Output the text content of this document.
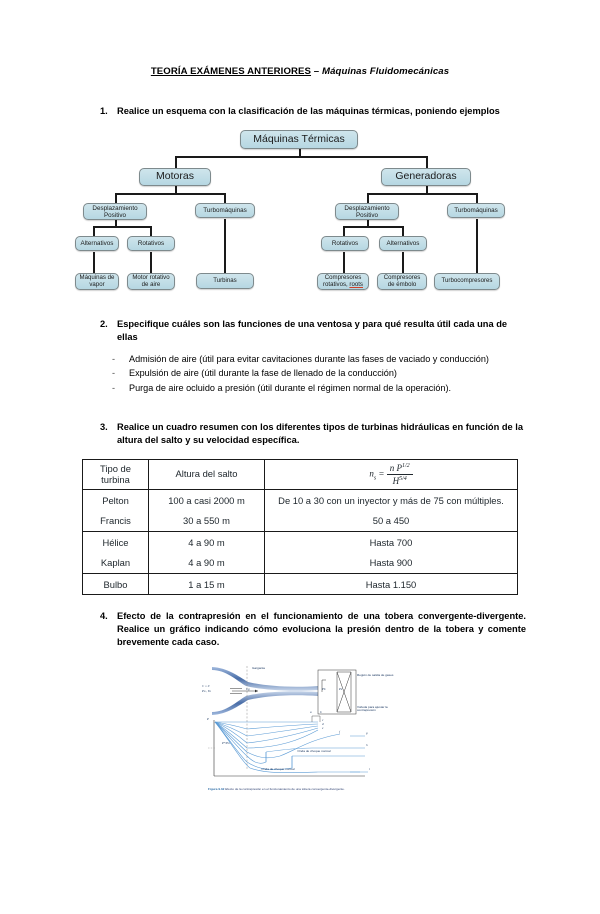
TEORÍA EXÁMENES ANTERIORES – Máquinas Fluidomecánicas
1. Realice un esquema con la clasificación de las máquinas térmicas, poniendo ejemplos
Máquinas Térmicas
Motoras	Generadoras
Desplazamiento Positivo
Turbomáquinas	Desplazamiento Positivo
Turbomáquinas
Alternativos	Rotativos	Rotativos	Alternativos
Máquinas de vapor
Motor rotativo de aire
Turbinas	Compresores rotativos, roots
Compresores de émbolo	Turbocompresores
2. Especifique cuáles son las funciones de una ventosa y para qué resulta útil cada una de ellas
-	Admisión de aire (útil para evitar cavitaciones durante las fases de vaciado y conducción)
-	Expulsión de aire (útil durante la fase de llenado de la conducción)
-	Purga de aire ocluido a presión (útil durante el régimen normal de la operación).
3. Realice un cuadro resumen con los diferentes tipos de turbinas hidráulicas en función de la altura del salto y su velocidad específica.
Tipo de turbina	Altura del salto	$n_s = \frac{n P^{1/2}}{H^{5/4}}$

Pelton	100 a casi 2000 m	De 10 a 30 con un inyector y más de 75 con múltiples.
Francis	30 a 550 m	50 a 450
Hélice	4 a 90 m	Hasta 700
Kaplan	4 a 90 m	Hasta 900
Bulbo	1 a 15 m	Hasta 1.150
4. Efecto de la contrapresión en el funcionamiento de una tobera convergente-divergente. Realice un gráfico indicando cómo evoluciona la presión dentro de la tobera y comente brevemente cada caso.
Garganta
C = 0
Po , To	Cg	Pb	Pe
Región de salida de gases
Válvula para ajustar la contrapresión
P
P*/Po
Onda de choque normal
Onda de choque normal
a	b
c
d
e
f	g
h
i
Figura 9.32 Efecto de la contrapresión en el funcionamiento de una tobera convergente-divergente.
